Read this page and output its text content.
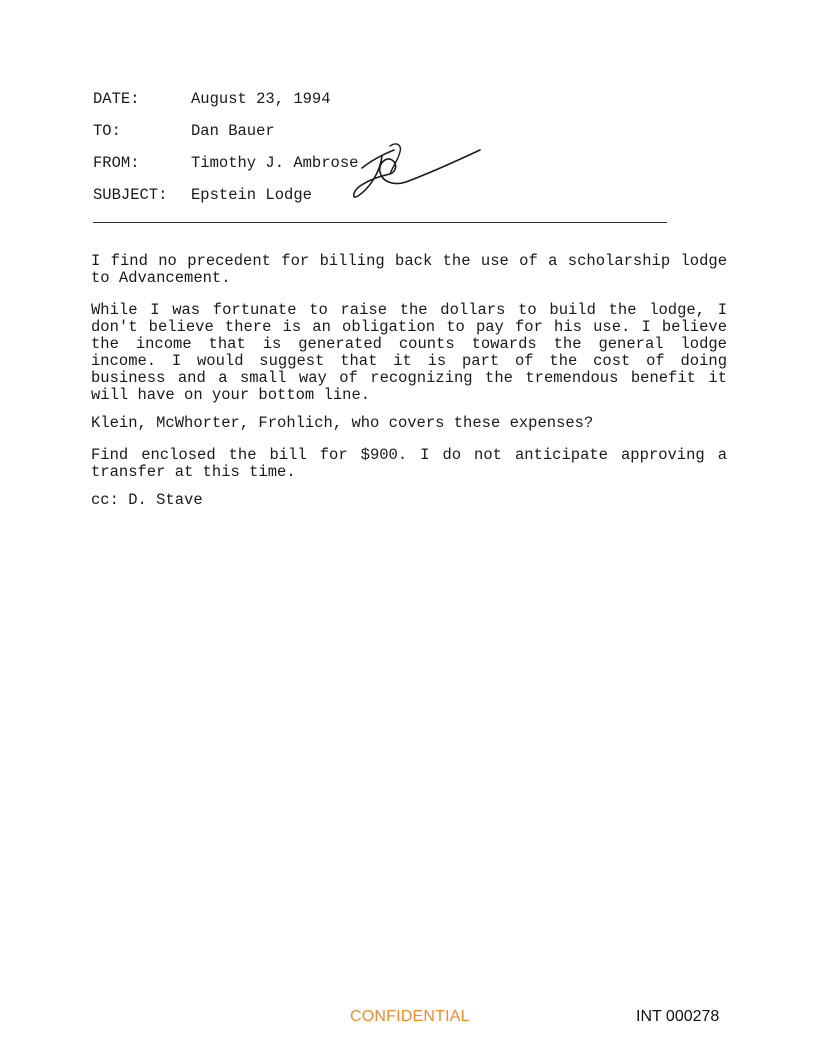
DATE:	August 23, 1994
TO:	Dan Bauer
FROM:	Timothy J. Ambrose
SUBJECT: Epstein Lodge
I find no precedent for billing back the use of a scholarship lodge to Advancement.
While I was fortunate to raise the dollars to build the lodge, I don't believe there is an obligation to pay for his use. I believe the income that is generated counts towards the general lodge income. I would suggest that it is part of the cost of doing business and a small way of recognizing the tremendous benefit it will have on your bottom line.
Klein, McWhorter, Frohlich, who covers these expenses?
Find enclosed the bill for $900. I do not anticipate approving a transfer at this time.
cc: D. Stave
CONFIDENTIAL	INT 000278
